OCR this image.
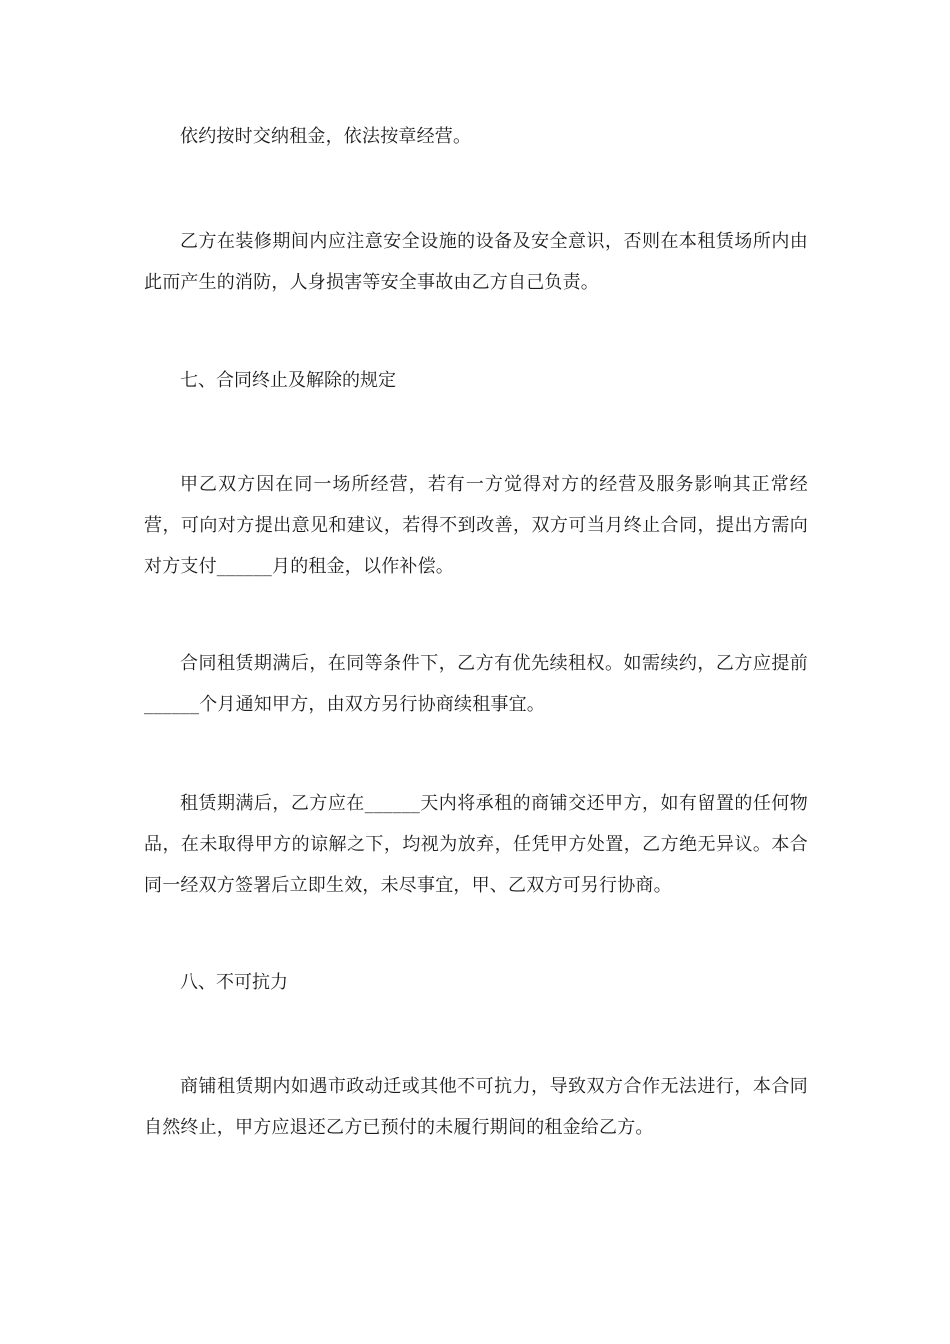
依约按时交纳租金，依法按章经营。

乙方在装修期间内应注意安全设施的设备及安全意识，否则在本租赁场所内由此而产生的消防，人身损害等安全事故由乙方自己负责。

七、合同终止及解除的规定

甲乙双方因在同一场所经营，若有一方觉得对方的经营及服务影响其正常经营，可向对方提出意见和建议，若得不到改善，双方可当月终止合同，提出方需向对方支付______月的租金，以作补偿。

合同租赁期满后，在同等条件下，乙方有优先续租权。如需续约，乙方应提前______个月通知甲方，由双方另行协商续租事宜。

租赁期满后，乙方应在______天内将承租的商铺交还甲方，如有留置的任何物品，在未取得甲方的谅解之下，均视为放弃，任凭甲方处置，乙方绝无异议。本合同一经双方签署后立即生效，未尽事宜，甲、乙双方可另行协商。

八、不可抗力

商铺租赁期内如遇市政动迁或其他不可抗力，导致双方合作无法进行，本合同自然终止，甲方应退还乙方已预付的未履行期间的租金给乙方。
